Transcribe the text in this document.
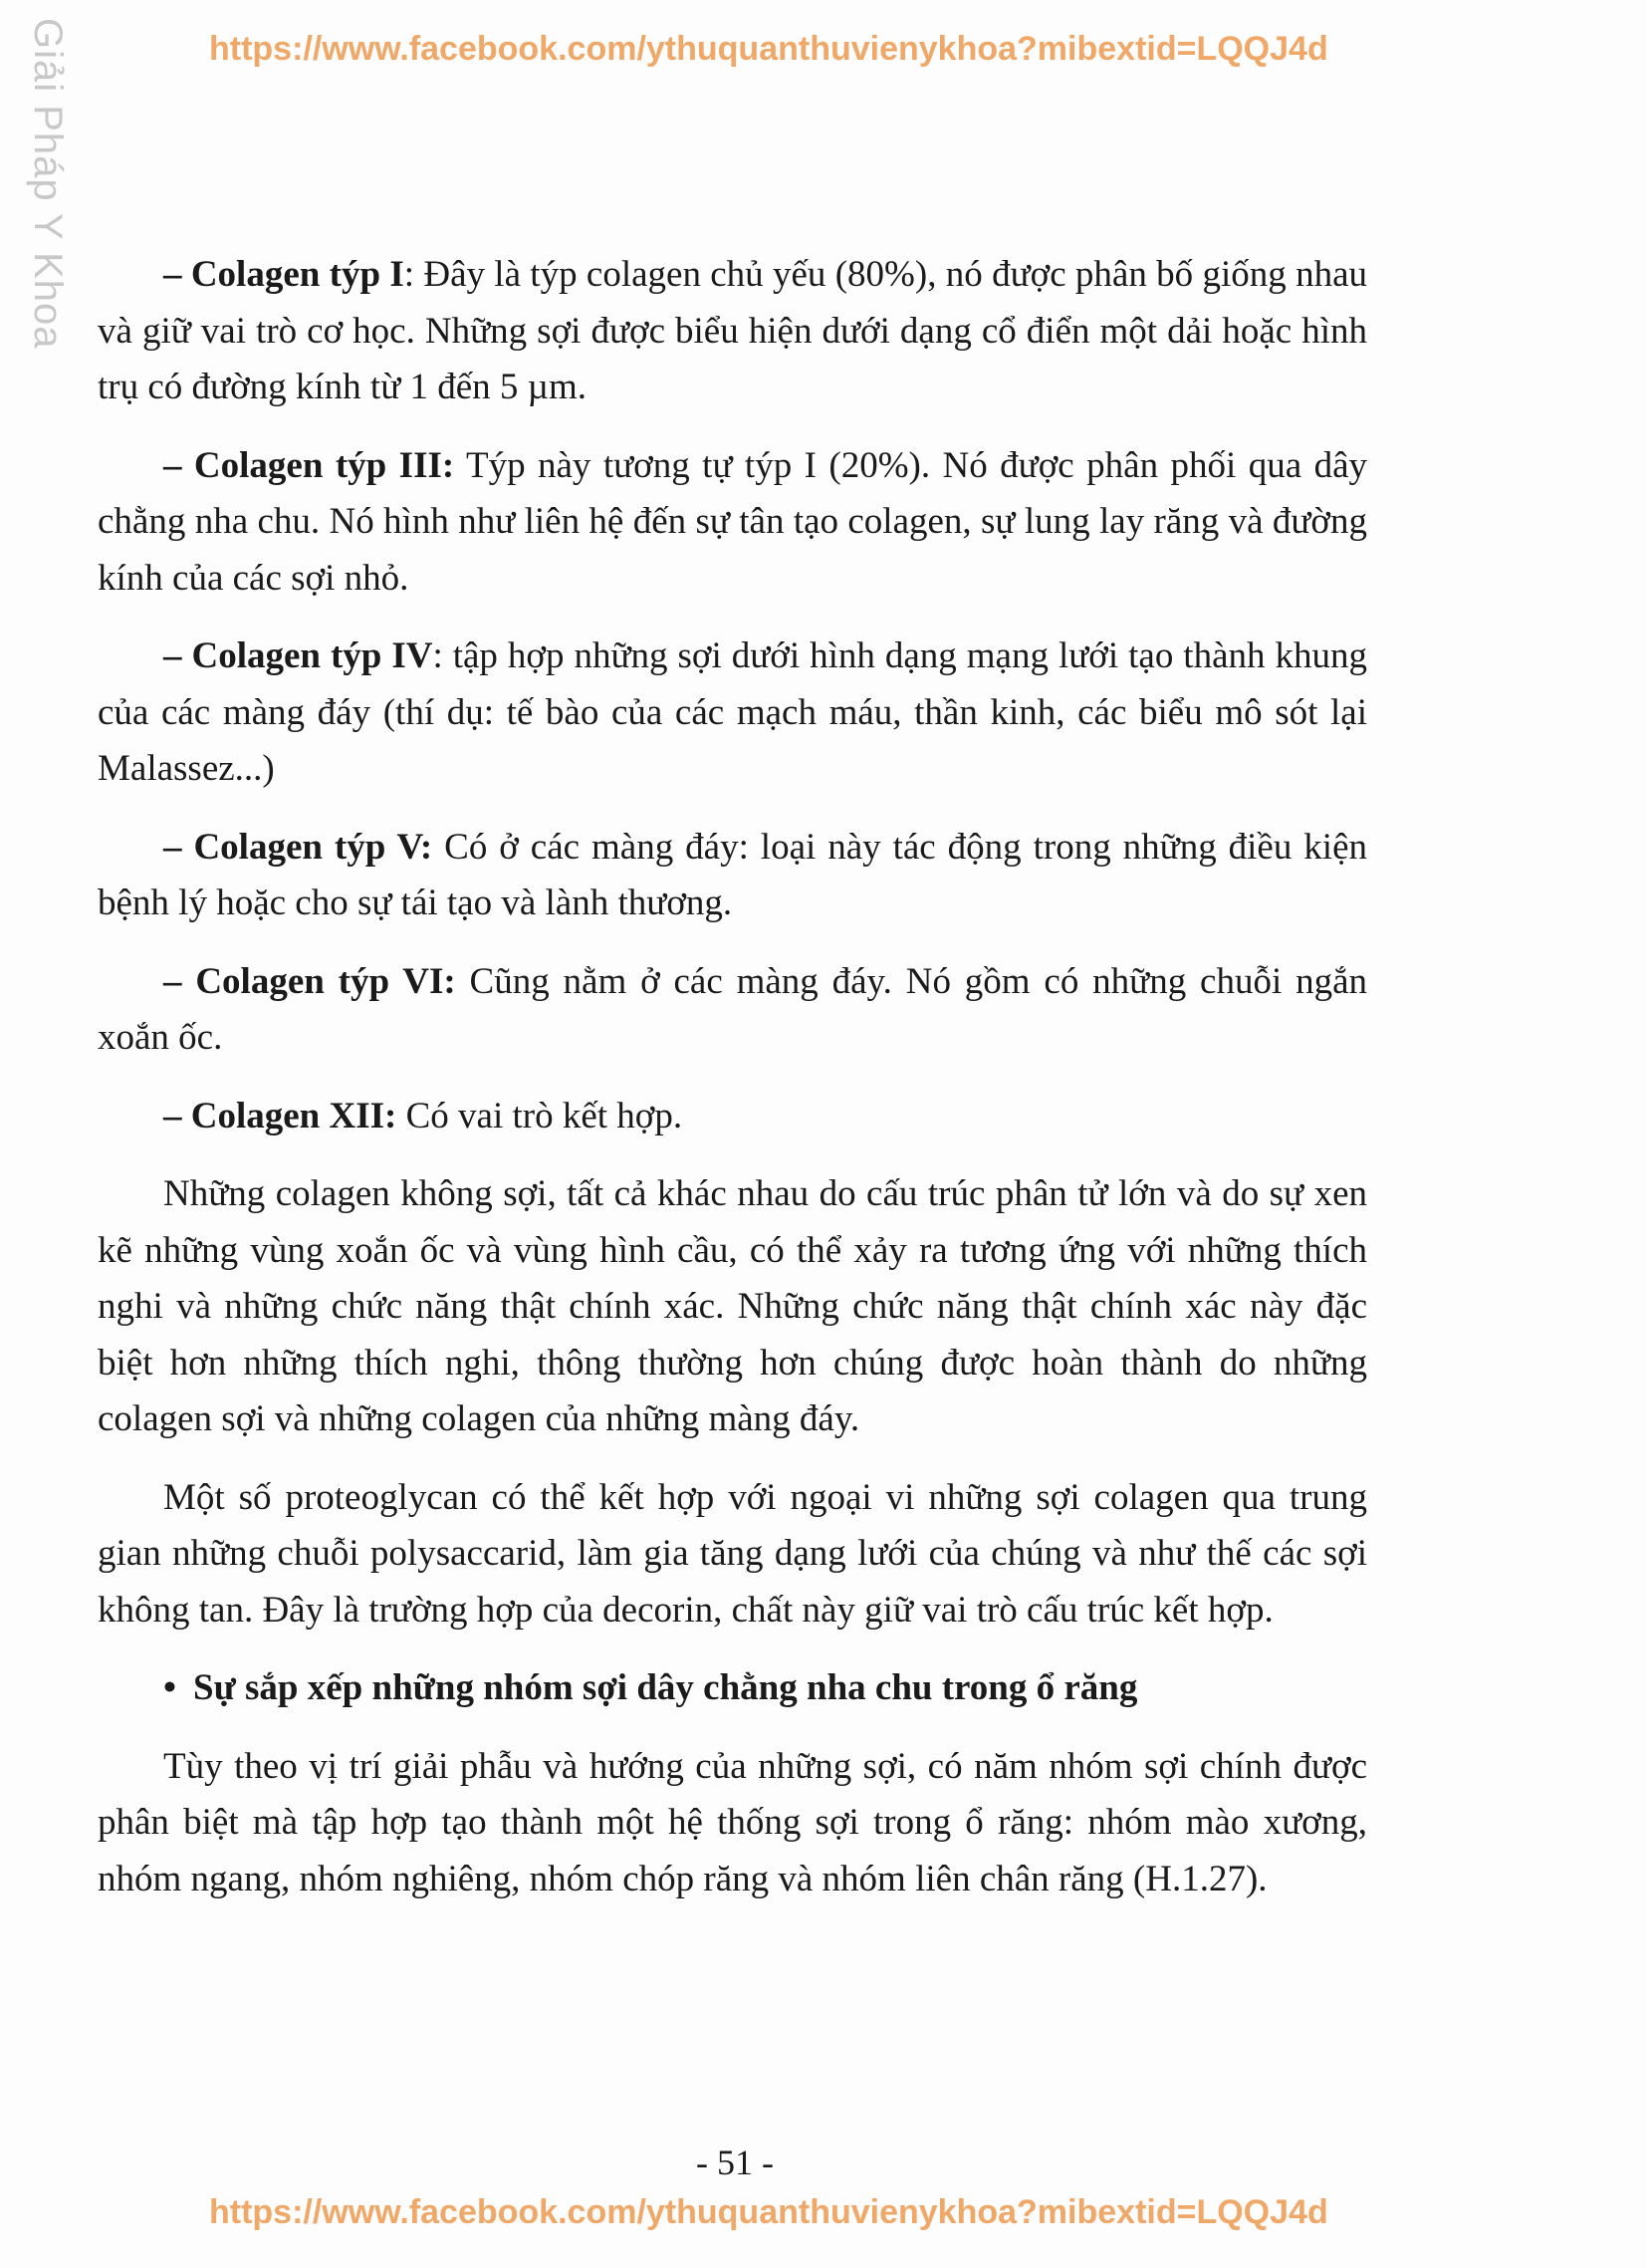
https://www.facebook.com/ythuquanthuvienykhoa?mibextid=LQQJ4d
Giải Pháp Y Khoa	– Colagen týp I: Đây là týp colagen chủ yếu (80%), nó được phân bố giống nhau và giữ vai trò cơ học. Những sợi được biểu hiện dưới dạng cổ điển một dải hoặc hình trụ có đường kính từ 1 đến 5 µm.

– Colagen týp III: Týp này tương tự týp I (20%). Nó được phân phối qua dây chằng nha chu. Nó hình như liên hệ đến sự tân tạo colagen, sự lung lay răng và đường kính của các sợi nhỏ.

– Colagen týp IV: tập hợp những sợi dưới hình dạng mạng lưới tạo thành khung của các màng đáy (thí dụ: tế bào của các mạch máu, thần kinh, các biểu mô sót lại Malassez...)

– Colagen týp V: Có ở các màng đáy: loại này tác động trong những điều kiện bệnh lý hoặc cho sự tái tạo và lành thương.

– Colagen týp VI: Cũng nằm ở các màng đáy. Nó gồm có những chuỗi ngắn xoắn ốc.

– Colagen XII: Có vai trò kết hợp.

Những colagen không sợi, tất cả khác nhau do cấu trúc phân tử lớn và do sự xen kẽ những vùng xoắn ốc và vùng hình cầu, có thể xảy ra tương ứng với những thích nghi và những chức năng thật chính xác. Những chức năng thật chính xác này đặc biệt hơn những thích nghi, thông thường hơn chúng được hoàn thành do những colagen sợi và những colagen của những màng đáy.

Một số proteoglycan có thể kết hợp với ngoại vi những sợi colagen qua trung gian những chuỗi polysaccarid, làm gia tăng dạng lưới của chúng và như thế các sợi không tan. Đây là trường hợp của decorin, chất này giữ vai trò cấu trúc kết hợp.

• Sự sắp xếp những nhóm sợi dây chằng nha chu trong ổ răng

Tùy theo vị trí giải phẫu và hướng của những sợi, có năm nhóm sợi chính được phân biệt mà tập hợp tạo thành một hệ thống sợi trong ổ răng: nhóm mào xương, nhóm ngang, nhóm nghiêng, nhóm chóp răng và nhóm liên chân răng (H.1.27).

- 51 -
https://www.facebook.com/ythuquanthuvienykhoa?mibextid=LQQJ4d
